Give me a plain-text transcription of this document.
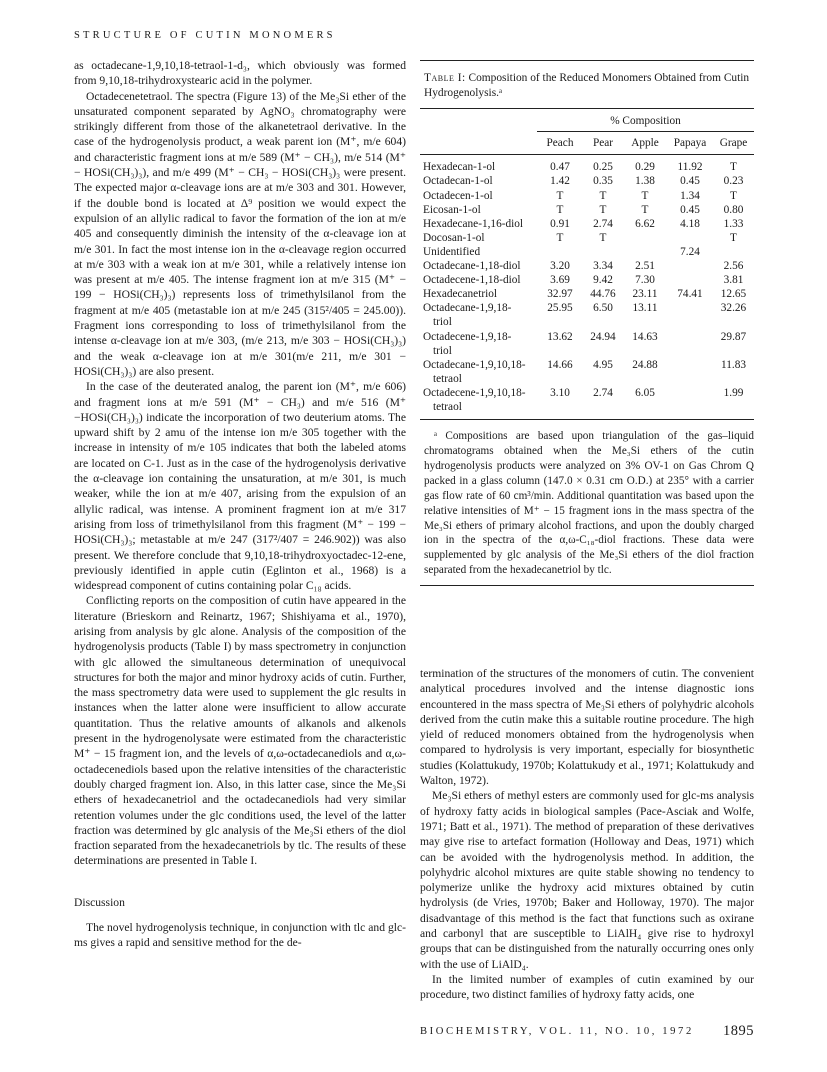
STRUCTURE OF CUTIN MONOMERS

as octadecane-1,9,10,18-tetraol-1-d₃, which obviously was formed from 9,10,18-trihydroxystearic acid in the polymer.

Octadecenetetraol. The spectra (Figure 13) of the Me₃Si ether of the unsaturated component separated by AgNO₃ chromatography were strikingly different from those of the alkanetetraol derivative. In the case of the hydrogenolysis product, a weak parent ion (M⁺, m/e 604) and characteristic fragment ions at m/e 589 (M⁺ − CH₃), m/e 514 (M⁺ − HOSi(CH₃)₃), and m/e 499 (M⁺ − CH₃ − HOSi(CH₃)₃ were present. The expected major α-cleavage ions are at m/e 303 and 301. However, if the double bond is located at Δ⁹ position we would expect the expulsion of an allylic radical to favor the formation of the ion at m/e 405 and consequently diminish the intensity of the α-cleavage ion at m/e 301. In fact the most intense ion in the α-cleavage region occurred at m/e 303 with a weak ion at m/e 301, while a relatively intense ion was present at m/e 405. The intense fragment ion at m/e 315 (M⁺ − 199 − HOSi(CH₃)₃) represents loss of trimethylsilanol from the fragment at m/e 405 (metastable ion at m/e 245 (315²/405 = 245.00)). Fragment ions corresponding to loss of trimethylsilanol from the intense α-cleavage ion at m/e 303, (m/e 213, m/e 303 − HOSi(CH₃)₃) and the weak α-cleavage ion at m/e 301(m/e 211, m/e 301 − HOSi(CH₃)₃) are also present.

In the case of the deuterated analog, the parent ion (M⁺, m/e 606) and fragment ions at m/e 591 (M⁺ − CH₃) and m/e 516 (M⁺ −HOSi(CH₃)₃) indicate the incorporation of two deuterium atoms. The upward shift by 2 amu of the intense ion m/e 305 together with the increase in intensity of m/e 105 indicates that both the labeled atoms are located on C-1. Just as in the case of the hydrogenolysis derivative the α-cleavage ion containing the unsaturation, at m/e 301, is much weaker, while the ion at m/e 407, arising from the expulsion of an allylic radical, was intense. A prominent fragment ion at m/e 317 arising from loss of trimethylsilanol from this fragment (M⁺ − 199 − HOSi(CH₃)₃; metastable at m/e 247 (317²/407 = 246.902)) was also present. We therefore conclude that 9,10,18-trihydroxyoctadec-12-ene, previously identified in apple cutin (Eglinton et al., 1968) is a widespread component of cutins containing polar C₁₈ acids.

Conflicting reports on the composition of cutin have appeared in the literature (Brieskorn and Reinartz, 1967; Shishiyama et al., 1970), arising from analysis by glc alone. Analysis of the composition of the hydrogenolysis products (Table I) by mass spectrometry in conjunction with glc allowed the simultaneous determination of unequivocal structures for both the major and minor hydroxy acids of cutin. Further, the mass spectrometry data were used to supplement the glc results in instances when the latter alone were insufficient to allow accurate quantitation. Thus the relative amounts of alkanols and alkenols present in the hydrogenolysate were estimated from the characteristic M⁺ − 15 fragment ion, and the levels of α,ω-octadecanediols and α,ω-octadecenediols based upon the relative intensities of the characteristic doubly charged fragment ion. Also, in this latter case, since the Me₃Si ethers of hexadecanetriol and the octadecanediols had very similar retention volumes under the glc conditions used, the level of the latter fraction was determined by glc analysis of the Me₃Si ethers of the diol fraction separated from the hexadecanetriols by tlc. The results of these determinations are presented in Table I.

Discussion

The novel hydrogenolysis technique, in conjunction with tlc and glc-ms gives a rapid and sensitive method for the de-

Table I: Composition of the Reduced Monomers Obtained from Cutin Hydrogenolysis.ᵃ
	% Composition				
	Peach	Pear	Apple	Papaya	Grape

Hexadecan-1-ol	0.47	0.25	0.29	11.92	T
Octadecan-1-ol	1.42	0.35	1.38	0.45	0.23
Octadecen-1-ol	T	T	T	1.34	T
Eicosan-1-ol	T	T	T	0.45	0.80
Hexadecane-1,16-diol	0.91	2.74	6.62	4.18	1.33
Docosan-1-ol	T	T			T
Unidentified				7.24	
Octadecane-1,18-diol	3.20	3.34	2.51		2.56
Octadecene-1,18-diol	3.69	9.42	7.30		3.81
Hexadecanetriol	32.97	44.76	23.11	74.41	12.65
Octadecane-1,9,18-
triol	25.95	6.50	13.11		32.26
Octadecene-1,9,18-
triol	13.62	24.94	14.63		29.87
Octadecane-1,9,10,18-
tetraol	14.66	4.95	24.88		11.83
Octadecene-1,9,10,18-
tetraol	3.10	2.74	6.05		1.99
ᵃ Compositions are based upon triangulation of the gas–liquid chromatograms obtained when the Me₃Si ethers of the cutin hydrogenolysis products were analyzed on 3% OV-1 on Gas Chrom Q packed in a glass column (147.0 × 0.31 cm O.D.) at 235° with a carrier gas flow rate of 60 cm³/min. Additional quantitation was based upon the relative intensities of M⁺ − 15 fragment ions in the mass spectra of the Me₃Si ethers of primary alcohol fractions, and upon the doubly charged ion in the spectra of the α,ω-C₁₈-diol fractions. These data were supplemented by glc analysis of the Me₃Si ethers of the diol fraction separated from the hexadecanetriol by tlc.

termination of the structures of the monomers of cutin. The convenient analytical procedures involved and the intense diagnostic ions encountered in the mass spectra of Me₃Si ethers of polyhydric alcohols derived from the cutin make this a suitable routine procedure. The high yield of reduced monomers obtained from the hydrogenolysis when compared to hydrolysis is very important, especially for biosynthetic studies (Kolattukudy, 1970b; Kolattukudy et al., 1971; Kolattukudy and Walton, 1972).

Me₃Si ethers of methyl esters are commonly used for glc-ms analysis of hydroxy fatty acids in biological samples (Pace-Asciak and Wolfe, 1971; Batt et al., 1971). The method of preparation of these derivatives may give rise to artefact formation (Holloway and Deas, 1971) which can be avoided with the hydrogenolysis method. In addition, the polyhydric alcohol mixtures are quite stable showing no tendency to polymerize unlike the hydroxy acid mixtures obtained by cutin hydrolysis (de Vries, 1970b; Baker and Holloway, 1970). The major disadvantage of this method is the fact that functions such as oxirane and carbonyl that are susceptible to LiAlH₄ give rise to hydroxyl groups that can be distinguished from the naturally occurring ones only with the use of LiAlD₄.

In the limited number of examples of cutin examined by our procedure, two distinct families of hydroxy fatty acids, one

BIOCHEMISTRY, VOL. 11, NO. 10, 1972 1895
